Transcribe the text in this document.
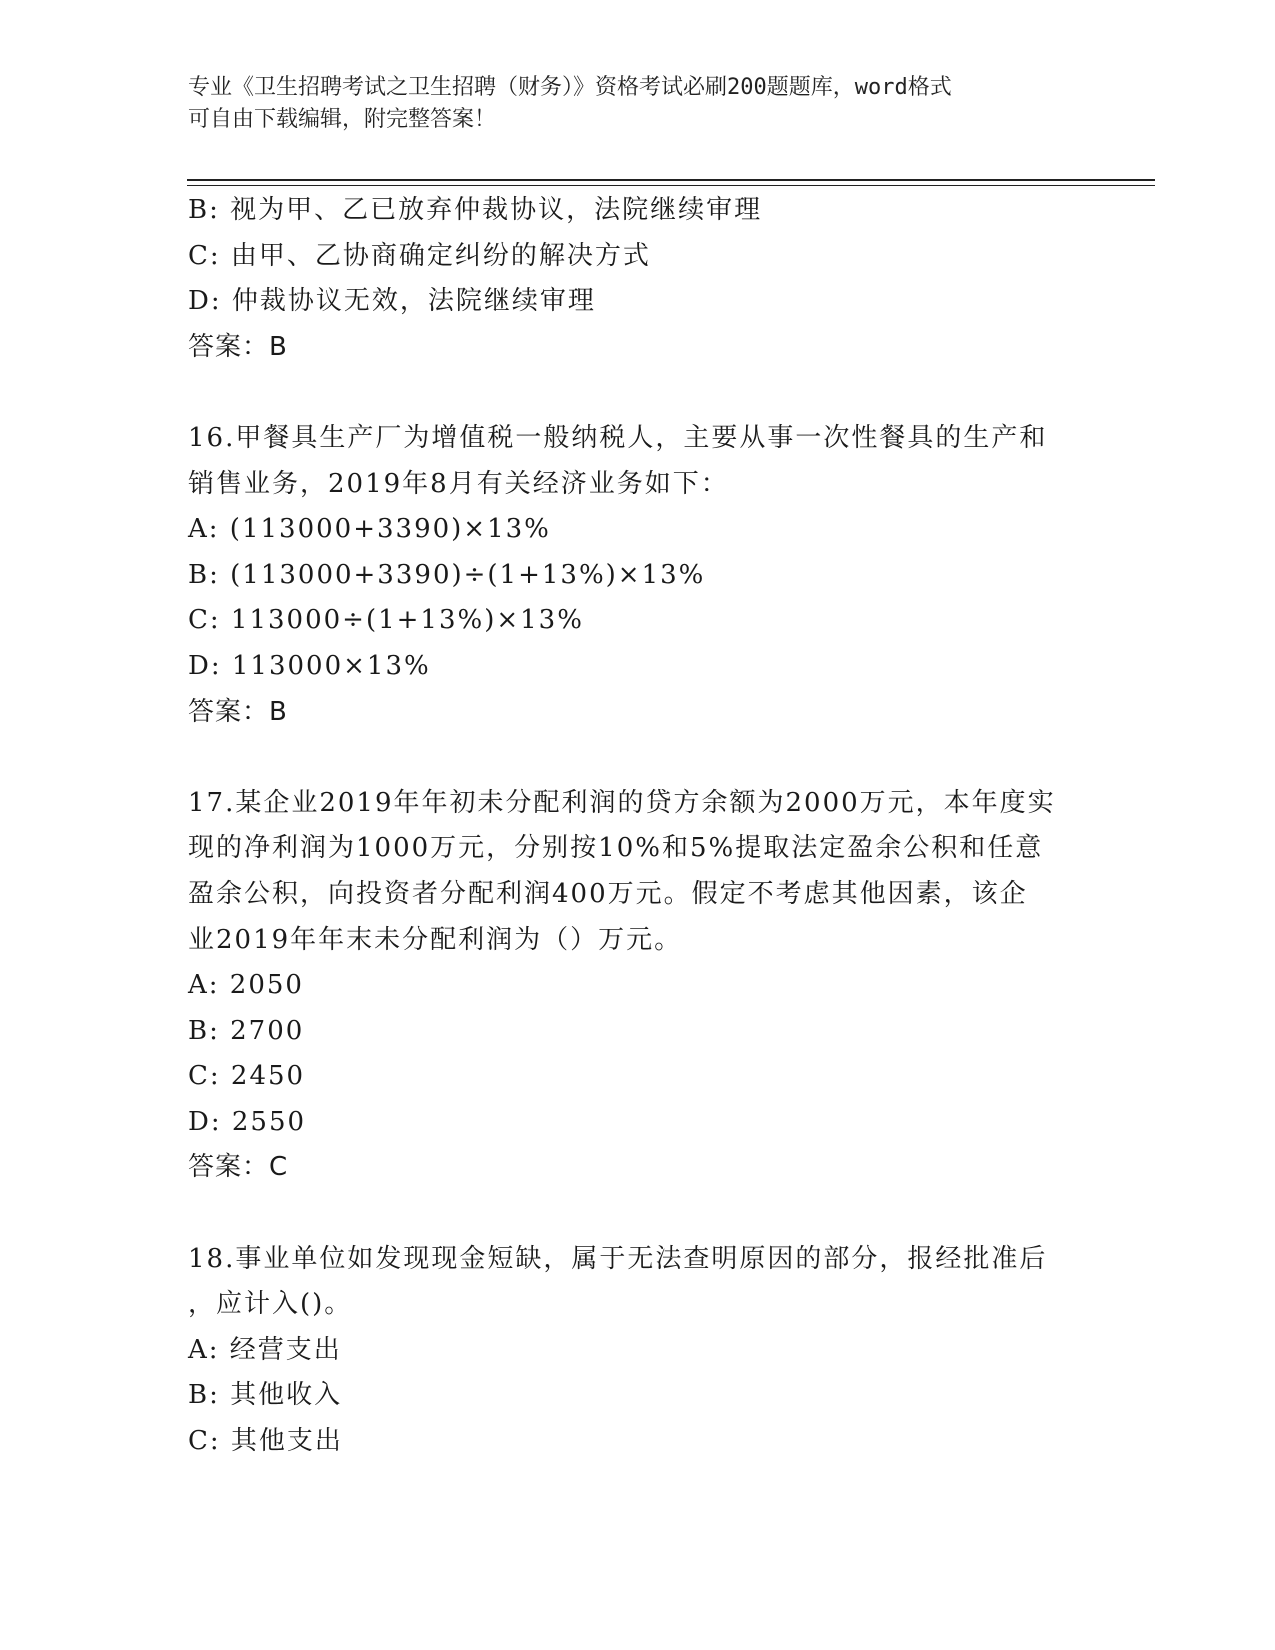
专业《卫生招聘考试之卫生招聘（财务）》资格考试必刷200题题库，word格式
可自由下载编辑，附完整答案！
B: 视为甲、乙已放弃仲裁协议，法院继续审理
C: 由甲、乙协商确定纠纷的解决方式
D: 仲裁协议无效，法院继续审理
答案：B
16.甲餐具生产厂为增值税一般纳税人，主要从事一次性餐具的生产和
销售业务，2019年8月有关经济业务如下：
A: (113000+3390)×13%
B: (113000+3390)÷(1+13%)×13%
C: 113000÷(1+13%)×13%
D: 113000×13%
答案：B
17.某企业2019年年初未分配利润的贷方余额为2000万元，本年度实
现的净利润为1000万元，分别按10%和5%提取法定盈余公积和任意
盈余公积，向投资者分配利润400万元。假定不考虑其他因素，该企
业2019年年末未分配利润为（）万元。
A: 2050
B: 2700
C: 2450
D: 2550
答案：C
18.事业单位如发现现金短缺，属于无法查明原因的部分，报经批准后
，应计入()。
A: 经营支出
B: 其他收入
C: 其他支出
